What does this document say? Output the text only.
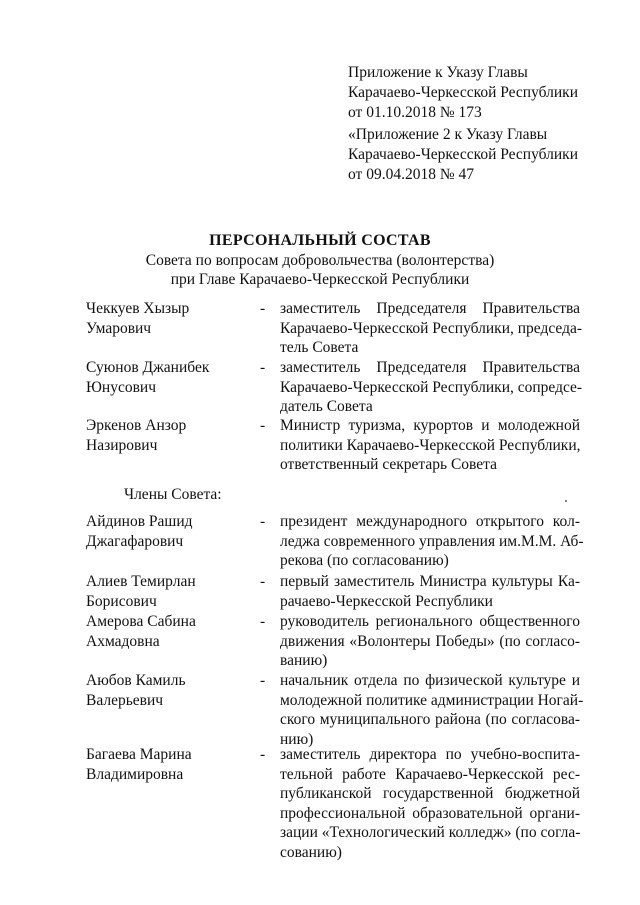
Приложение к Указу Главы
Карачаево-Черкесской Республики
от 01.10.2018 № 173
«Приложение 2 к Указу Главы
Карачаево-Черкесской Республики
от 09.04.2018 № 47
ПЕРСОНАЛЬНЫЙ СОСТАВ
Совета по вопросам добровольчества (волонтерства)
при Главе Карачаево-Черкесской Республики
Чеккуев Хызыр
Умарович
- заместитель Председателя Правительства
Карачаево-Черкесской Республики, председа-
тель Совета
Суюнов Джанибек
Юнусович
- заместитель Председателя Правительства
Карачаево-Черкесской Республики, сопредсе-
датель Совета
Эркенов Анзор
Назирович
- Министр туризма, курортов и молодежной
политики Карачаево-Черкесской Республики,
ответственный секретарь Совета
Члены Совета:
Айдинов Рашид
Джагафарович
- президент международного открытого кол-
леджа современного управления им.М.М. Аб-
рекова (по согласованию)
Алиев Темирлан
Борисович
- первый заместитель Министра культуры Ка-
рачаево-Черкесской Республики
Амерова Сабина
Ахмадовна
- руководитель регионального общественного
движения «Волонтеры Победы» (по согласо-
ванию)
Аюбов Камиль
Валерьевич
- начальник отдела по физической культуре и
молодежной политике администрации Ногай-
ского муниципального района (по согласова-
нию)
Багаева Марина
Владимировна
- заместитель директора по учебно-воспита-
тельной работе Карачаево-Черкесской рес-
публиканской государственной бюджетной
профессиональной образовательной органи-
зации «Технологический колледж» (по согла-
сованию)
